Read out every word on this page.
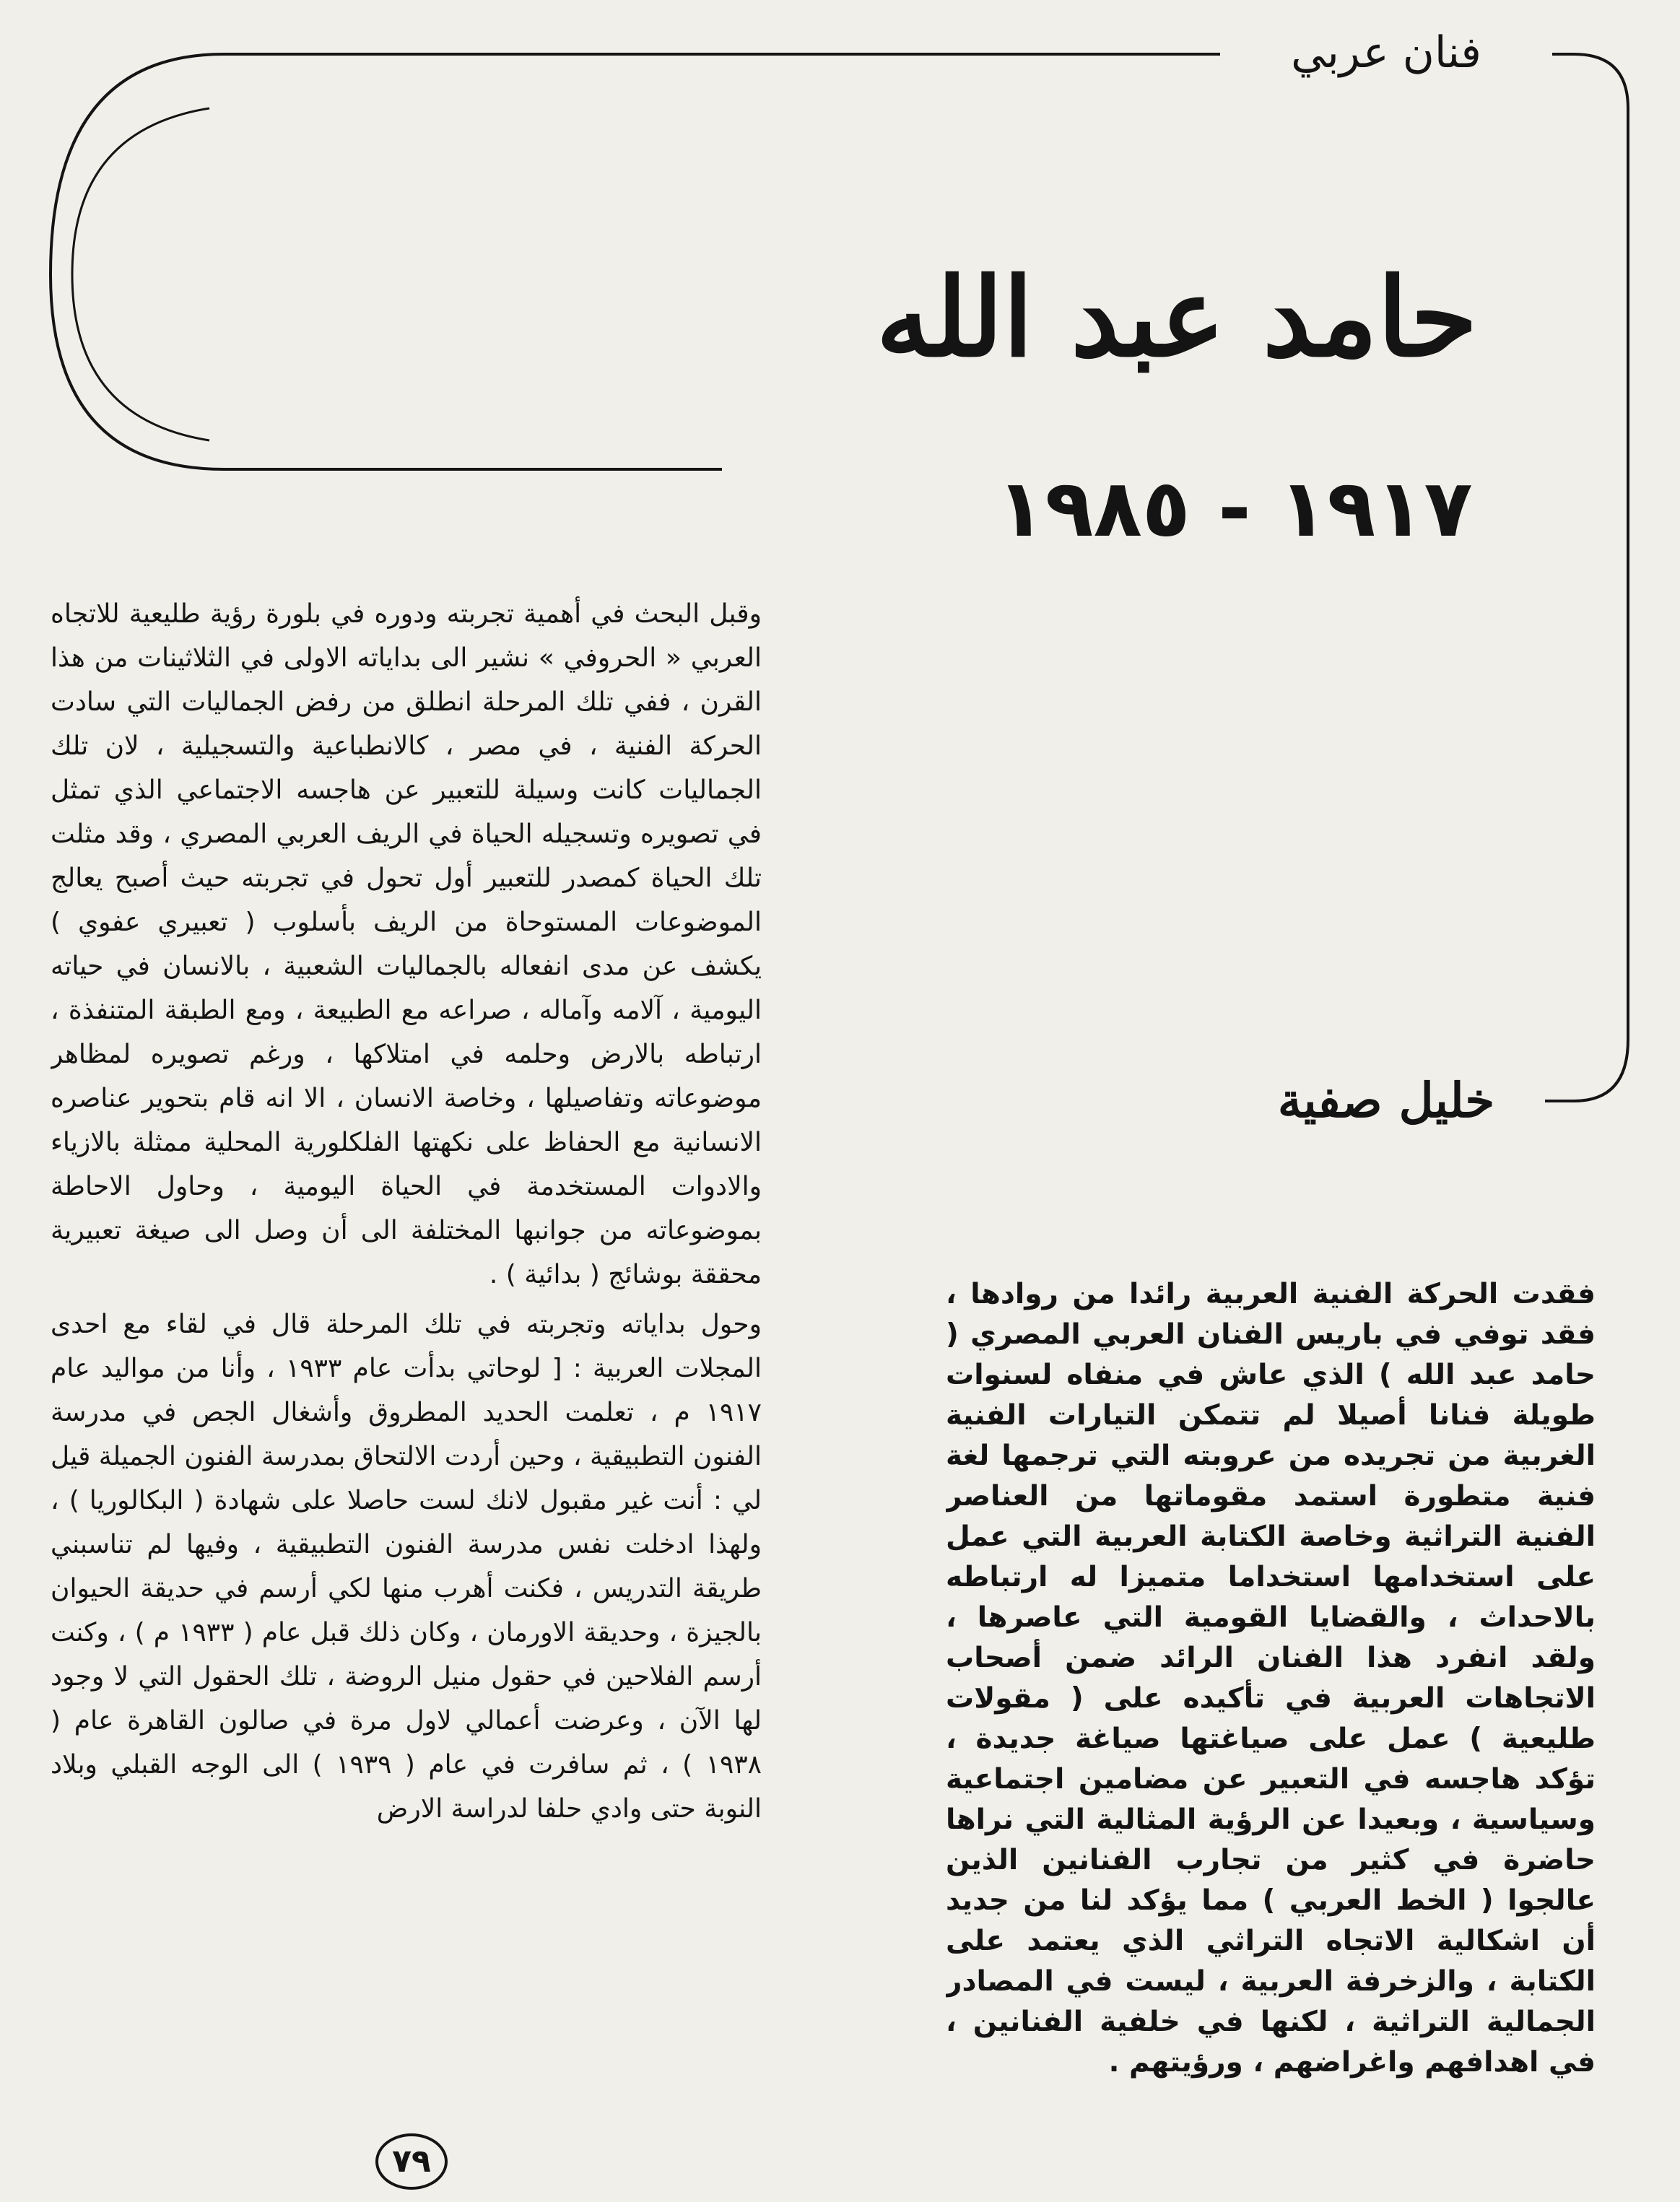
فنان عربي
حامد عبد الله
١٩١٧ - ١٩٨٥
خليل صفية

وقبل البحث في أهمية تجربته ودوره في بلورة رؤية طليعية للاتجاه العربي « الحروفي » نشير الى بداياته الاولى في الثلاثينات من هذا القرن ، ففي تلك المرحلة انطلق من رفض الجماليات التي سادت الحركة الفنية ، في مصر ، كالانطباعية والتسجيلية ، لان تلك الجماليات كانت وسيلة للتعبير عن هاجسه الاجتماعي الذي تمثل في تصويره وتسجيله الحياة في الريف العربي المصري ، وقد مثلت تلك الحياة كمصدر للتعبير أول تحول في تجربته حيث أصبح يعالج الموضوعات المستوحاة من الريف بأسلوب ( تعبيري عفوي ) يكشف عن مدى انفعاله بالجماليات الشعبية ، بالانسان في حياته اليومية ، آلامه وآماله ، صراعه مع الطبيعة ، ومع الطبقة المتنفذة ، ارتباطه بالارض وحلمه في امتلاكها ، ورغم تصويره لمظاهر موضوعاته وتفاصيلها ، وخاصة الانسان ، الا انه قام بتحوير عناصره الانسانية مع الحفاظ على نكهتها الفلكلورية المحلية ممثلة بالازياء والادوات المستخدمة في الحياة اليومية ، وحاول الاحاطة بموضوعاته من جوانبها المختلفة الى أن وصل الى صيغة تعبيرية محققة بوشائج ( بدائية ) .

وحول بداياته وتجربته في تلك المرحلة قال في لقاء مع احدى المجلات العربية : [ لوحاتي بدأت عام ١٩٣٣ ، وأنا من مواليد عام ١٩١٧ م ، تعلمت الحديد المطروق وأشغال الجص في مدرسة الفنون التطبيقية ، وحين أردت الالتحاق بمدرسة الفنون الجميلة قيل لي : أنت غير مقبول لانك لست حاصلا على شهادة ( البكالوريا ) ، ولهذا ادخلت نفس مدرسة الفنون التطبيقية ، وفيها لم تناسبني طريقة التدريس ، فكنت أهرب منها لكي أرسم في حديقة الحيوان بالجيزة ، وحديقة الاورمان ، وكان ذلك قبل عام ( ١٩٣٣ م ) ، وكنت أرسم الفلاحين في حقول منيل الروضة ، تلك الحقول التي لا وجود لها الآن ، وعرضت أعمالي لاول مرة في صالون القاهرة عام ( ١٩٣٨ ) ، ثم سافرت في عام ( ١٩٣٩ ) الى الوجه القبلي وبلاد النوبة حتى وادي حلفا لدراسة الارض

فقدت الحركة الفنية العربية رائدا من روادها ، فقد توفي في باريس الفنان العربي المصري ( حامد عبد الله ) الذي عاش في منفاه لسنوات طويلة فنانا أصيلا لم تتمكن التيارات الفنية الغربية من تجريده من عروبته التي ترجمها لغة فنية متطورة استمد مقوماتها من العناصر الفنية التراثية وخاصة الكتابة العربية التي عمل على استخدامها استخداما متميزا له ارتباطه بالاحداث ، والقضايا القومية التي عاصرها ، ولقد انفرد هذا الفنان الرائد ضمن أصحاب الاتجاهات العربية في تأكيده على ( مقولات طليعية ) عمل على صياغتها صياغة جديدة ، تؤكد هاجسه في التعبير عن مضامين اجتماعية وسياسية ، وبعيدا عن الرؤية المثالية التي نراها حاضرة في كثير من تجارب الفنانين الذين عالجوا ( الخط العربي ) مما يؤكد لنا من جديد أن اشكالية الاتجاه التراثي الذي يعتمد على الكتابة ، والزخرفة العربية ، ليست في المصادر الجمالية التراثية ، لكنها في خلفية الفنانين ، في اهدافهم واغراضهم ، ورؤيتهم .

٧٩
